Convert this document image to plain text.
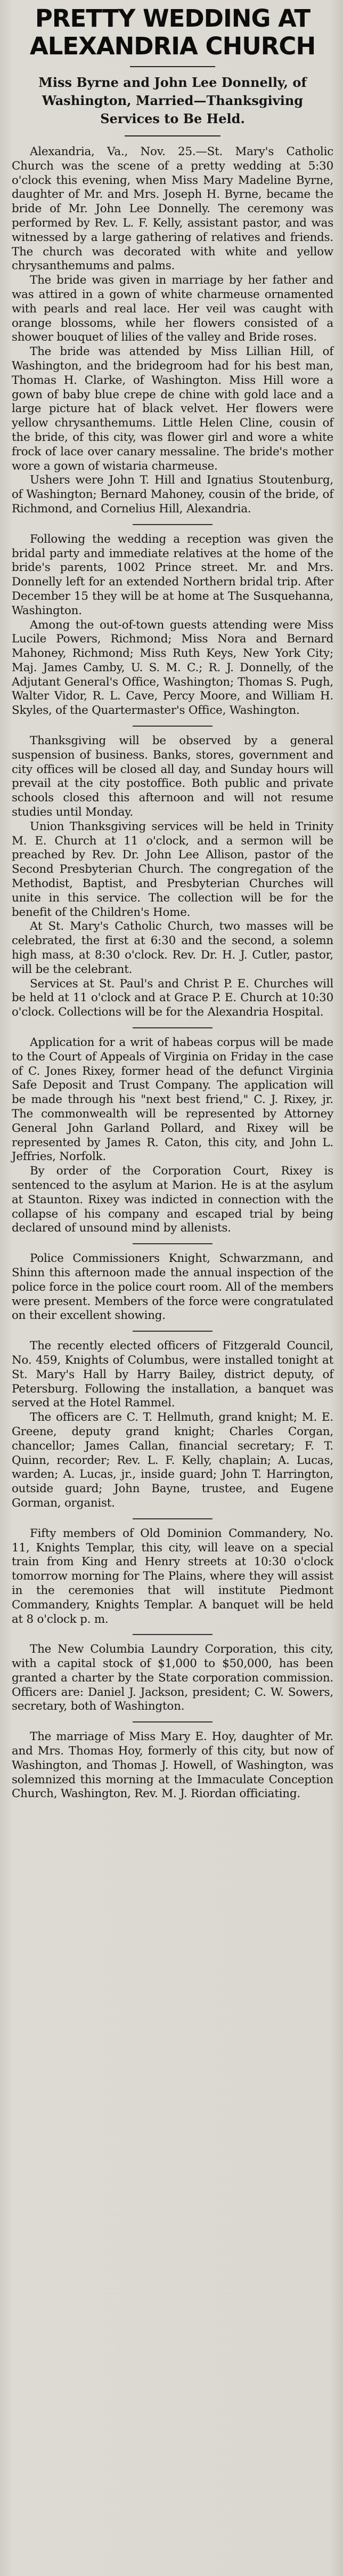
PRETTY WEDDING AT
ALEXANDRIA CHURCH
Miss Byrne and John Lee Donnelly, of Washington, Married—Thanksgiving Services to Be Held.

Alexandria, Va., Nov. 25.—St. Mary's Catholic Church was the scene of a pretty wedding at 5:30 o'clock this evening, when Miss Mary Madeline Byrne, daughter of Mr. and Mrs. Joseph H. Byrne, became the bride of Mr. John Lee Donnelly. The ceremony was performed by Rev. L. F. Kelly, assistant pastor, and was witnessed by a large gathering of relatives and friends. The church was decorated with white and yellow chrysanthemums and palms.

The bride was given in marriage by her father and was attired in a gown of white charmeuse ornamented with pearls and real lace. Her veil was caught with orange blossoms, while her flowers consisted of a shower bouquet of lilies of the valley and Bride roses.

The bride was attended by Miss Lillian Hill, of Washington, and the bridegroom had for his best man, Thomas H. Clarke, of Washington. Miss Hill wore a gown of baby blue crepe de chine with gold lace and a large picture hat of black velvet. Her flowers were yellow chrysanthemums. Little Helen Cline, cousin of the bride, of this city, was flower girl and wore a white frock of lace over canary messaline. The bride's mother wore a gown of wistaria charmeuse.

Ushers were John T. Hill and Ignatius Stoutenburg, of Washington; Bernard Mahoney, cousin of the bride, of Richmond, and Cornelius Hill, Alexandria.

Following the wedding a reception was given the bridal party and immediate relatives at the home of the bride's parents, 1002 Prince street. Mr. and Mrs. Donnelly left for an extended Northern bridal trip. After December 15 they will be at home at The Susquehanna, Washington.

Among the out-of-town guests attending were Miss Lucile Powers, Richmond; Miss Nora and Bernard Mahoney, Richmond; Miss Ruth Keys, New York City; Maj. James Camby, U. S. M. C.; R. J. Donnelly, of the Adjutant General's Office, Washington; Thomas S. Pugh, Walter Vidor, R. L. Cave, Percy Moore, and William H. Skyles, of the Quartermaster's Office, Washington.

Thanksgiving will be observed by a general suspension of business. Banks, stores, government and city offices will be closed all day, and Sunday hours will prevail at the city postoffice. Both public and private schools closed this afternoon and will not resume studies until Monday.

Union Thanksgiving services will be held in Trinity M. E. Church at 11 o'clock, and a sermon will be preached by Rev. Dr. John Lee Allison, pastor of the Second Presbyterian Church. The congregation of the Methodist, Baptist, and Presbyterian Churches will unite in this service. The collection will be for the benefit of the Children's Home.

At St. Mary's Catholic Church, two masses will be celebrated, the first at 6:30 and the second, a solemn high mass, at 8:30 o'clock. Rev. Dr. H. J. Cutler, pastor, will be the celebrant.

Services at St. Paul's and Christ P. E. Churches will be held at 11 o'clock and at Grace P. E. Church at 10:30 o'clock. Collections will be for the Alexandria Hospital.

Application for a writ of habeas corpus will be made to the Court of Appeals of Virginia on Friday in the case of C. Jones Rixey, former head of the defunct Virginia Safe Deposit and Trust Company. The application will be made through his "next best friend," C. J. Rixey, jr. The commonwealth will be represented by Attorney General John Garland Pollard, and Rixey will be represented by James R. Caton, this city, and John L. Jeffries, Norfolk.

By order of the Corporation Court, Rixey is sentenced to the asylum at Marion. He is at the asylum at Staunton. Rixey was indicted in connection with the collapse of his company and escaped trial by being declared of unsound mind by allenists.

Police Commissioners Knight, Schwarzmann, and Shinn this afternoon made the annual inspection of the police force in the police court room. All of the members were present. Members of the force were congratulated on their excellent showing.

The recently elected officers of Fitzgerald Council, No. 459, Knights of Columbus, were installed tonight at St. Mary's Hall by Harry Bailey, district deputy, of Petersburg. Following the installation, a banquet was served at the Hotel Rammel.

The officers are C. T. Hellmuth, grand knight; M. E. Greene, deputy grand knight; Charles Corgan, chancellor; James Callan, financial secretary; F. T. Quinn, recorder; Rev. L. F. Kelly, chaplain; A. Lucas, warden; A. Lucas, jr., inside guard; John T. Harrington, outside guard; John Bayne, trustee, and Eugene Gorman, organist.

Fifty members of Old Dominion Commandery, No. 11, Knights Templar, this city, will leave on a special train from King and Henry streets at 10:30 o'clock tomorrow morning for The Plains, where they will assist in the ceremonies that will institute Piedmont Commandery, Knights Templar. A banquet will be held at 8 o'clock p. m.

The New Columbia Laundry Corporation, this city, with a capital stock of $1,000 to $50,000, has been granted a charter by the State corporation commission. Officers are: Daniel J. Jackson, president; C. W. Sowers, secretary, both of Washington.

The marriage of Miss Mary E. Hoy, daughter of Mr. and Mrs. Thomas Hoy, formerly of this city, but now of Washington, and Thomas J. Howell, of Washington, was solemnized this morning at the Immaculate Conception Church, Washington, Rev. M. J. Riordan officiating.
